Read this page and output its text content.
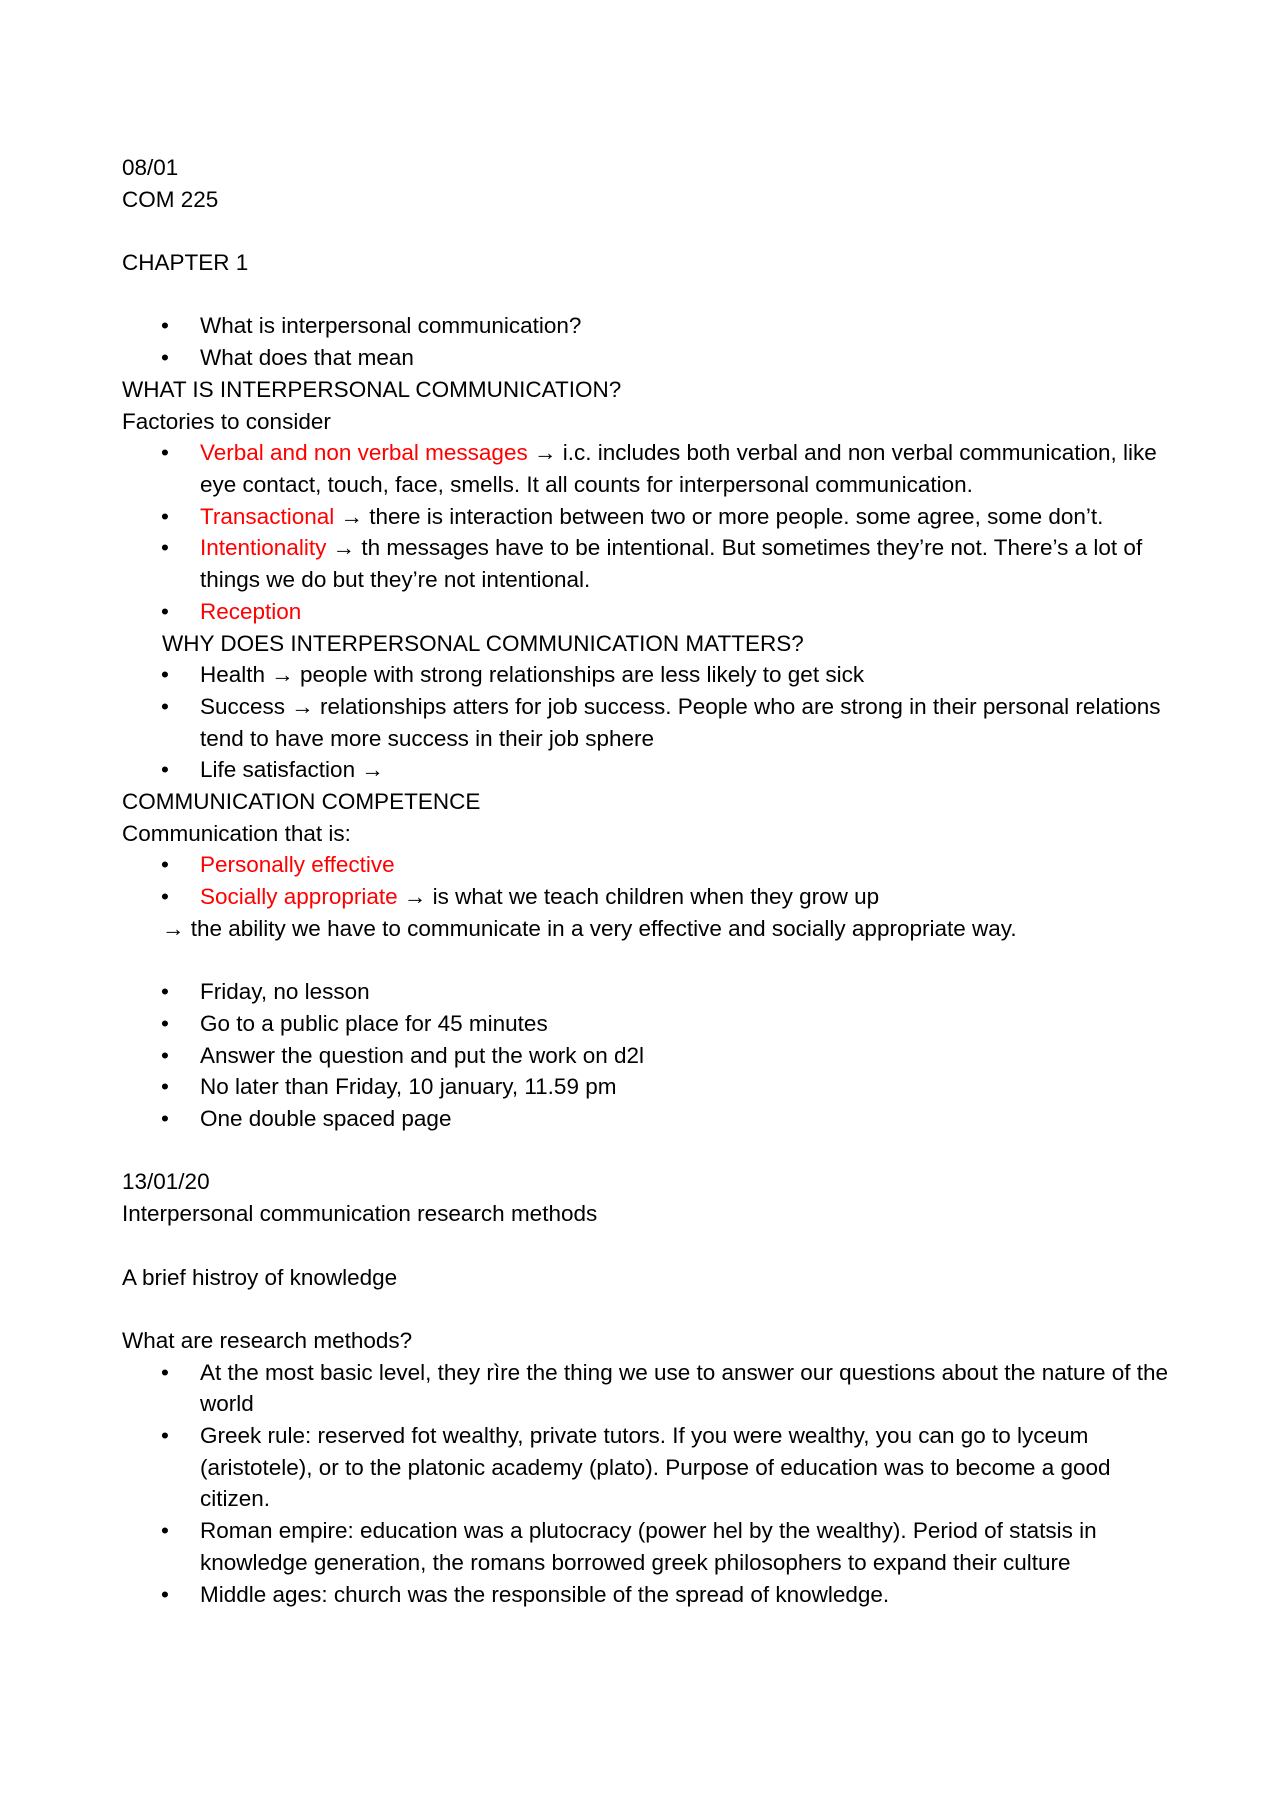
08/01
COM 225
CHAPTER 1
• What is interpersonal communication?
• What does that mean
WHAT IS INTERPERSONAL COMMUNICATION?
Factories to consider
• Verbal and non verbal messages → i.c. includes both verbal and non verbal communication, like eye contact, touch, face, smells. It all counts for interpersonal communication.
• Transactional → there is interaction between two or more people. some agree, some don’t.
• Intentionality → th messages have to be intentional. But sometimes they’re not. There’s a lot of things we do but they’re not intentional.
• Reception
WHY DOES INTERPERSONAL COMMUNICATION MATTERS?
• Health → people with strong relationships are less likely to get sick
• Success → relationships atters for job success. People who are strong in their personal relations tend to have more success in their job sphere
• Life satisfaction →
COMMUNICATION COMPETENCE
Communication that is:
• Personally effective
• Socially appropriate → is what we teach children when they grow up
→ the ability we have to communicate in a very effective and socially appropriate way.
• Friday, no lesson
• Go to a public place for 45 minutes
• Answer the question and put the work on d2l
• No later than Friday, 10 january, 11.59 pm
• One double spaced page
13/01/20
Interpersonal communication research methods
A brief histroy of knowledge
What are research methods?
• At the most basic level, they rìre the thing we use to answer our questions about the nature of the world
• Greek rule: reserved fot wealthy, private tutors. If you were wealthy, you can go to lyceum (aristotele), or to the platonic academy (plato). Purpose of education was to become a good citizen.
• Roman empire: education was a plutocracy (power hel by the wealthy). Period of statsis in knowledge generation, the romans borrowed greek philosophers to expand their culture
• Middle ages: church was the responsible of the spread of knowledge.
